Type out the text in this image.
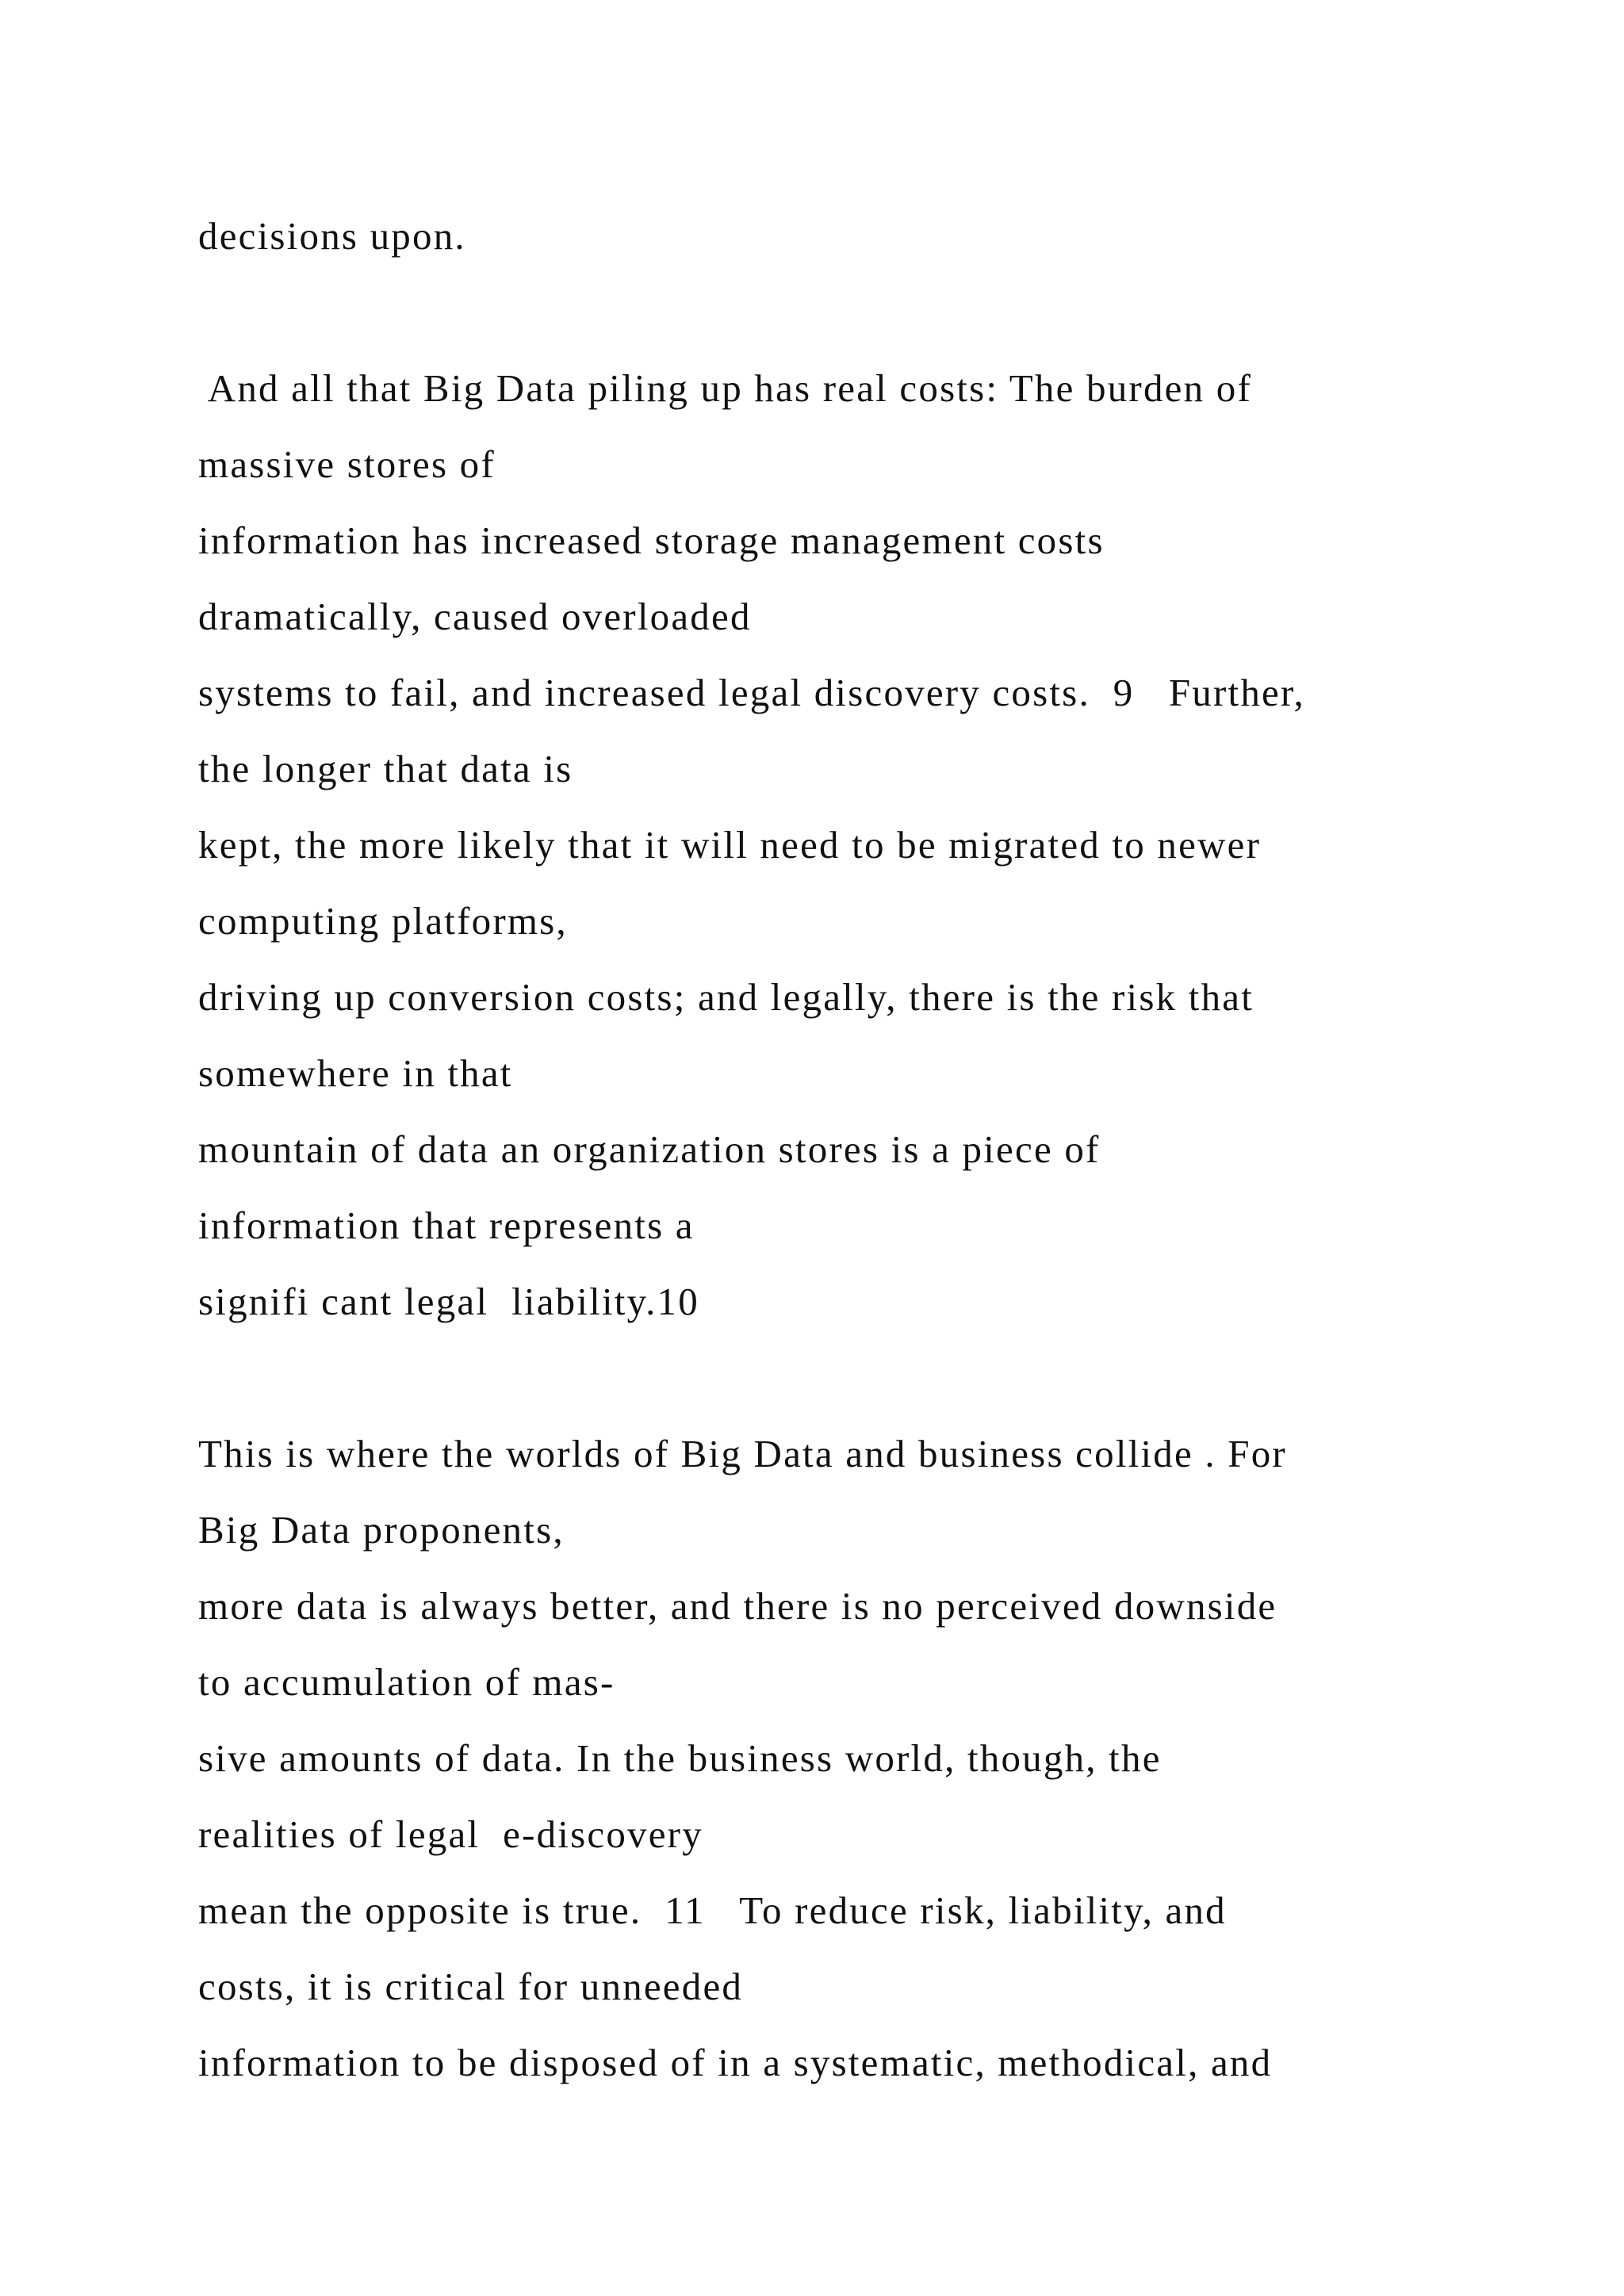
decisions upon.
And all that Big Data piling up has real costs: The burden of
massive stores of
information has increased storage management costs
dramatically, caused overloaded
systems to fail, and increased legal discovery costs.  9   Further,
the longer that data is
kept, the more likely that it will need to be migrated to newer
computing platforms,
driving up conversion costs; and legally, there is the risk that
somewhere in that
mountain of data an organization stores is a piece of
information that represents a
signifi cant legal  liability.10
This is where the worlds of Big Data and business collide . For
Big Data proponents,
more data is always better, and there is no perceived downside
to accumulation of mas-
sive amounts of data. In the business world, though, the
realities of legal  e-discovery
mean the opposite is true.  11   To reduce risk, liability, and
costs, it is critical for unneeded
information to be disposed of in a systematic, methodical, and
